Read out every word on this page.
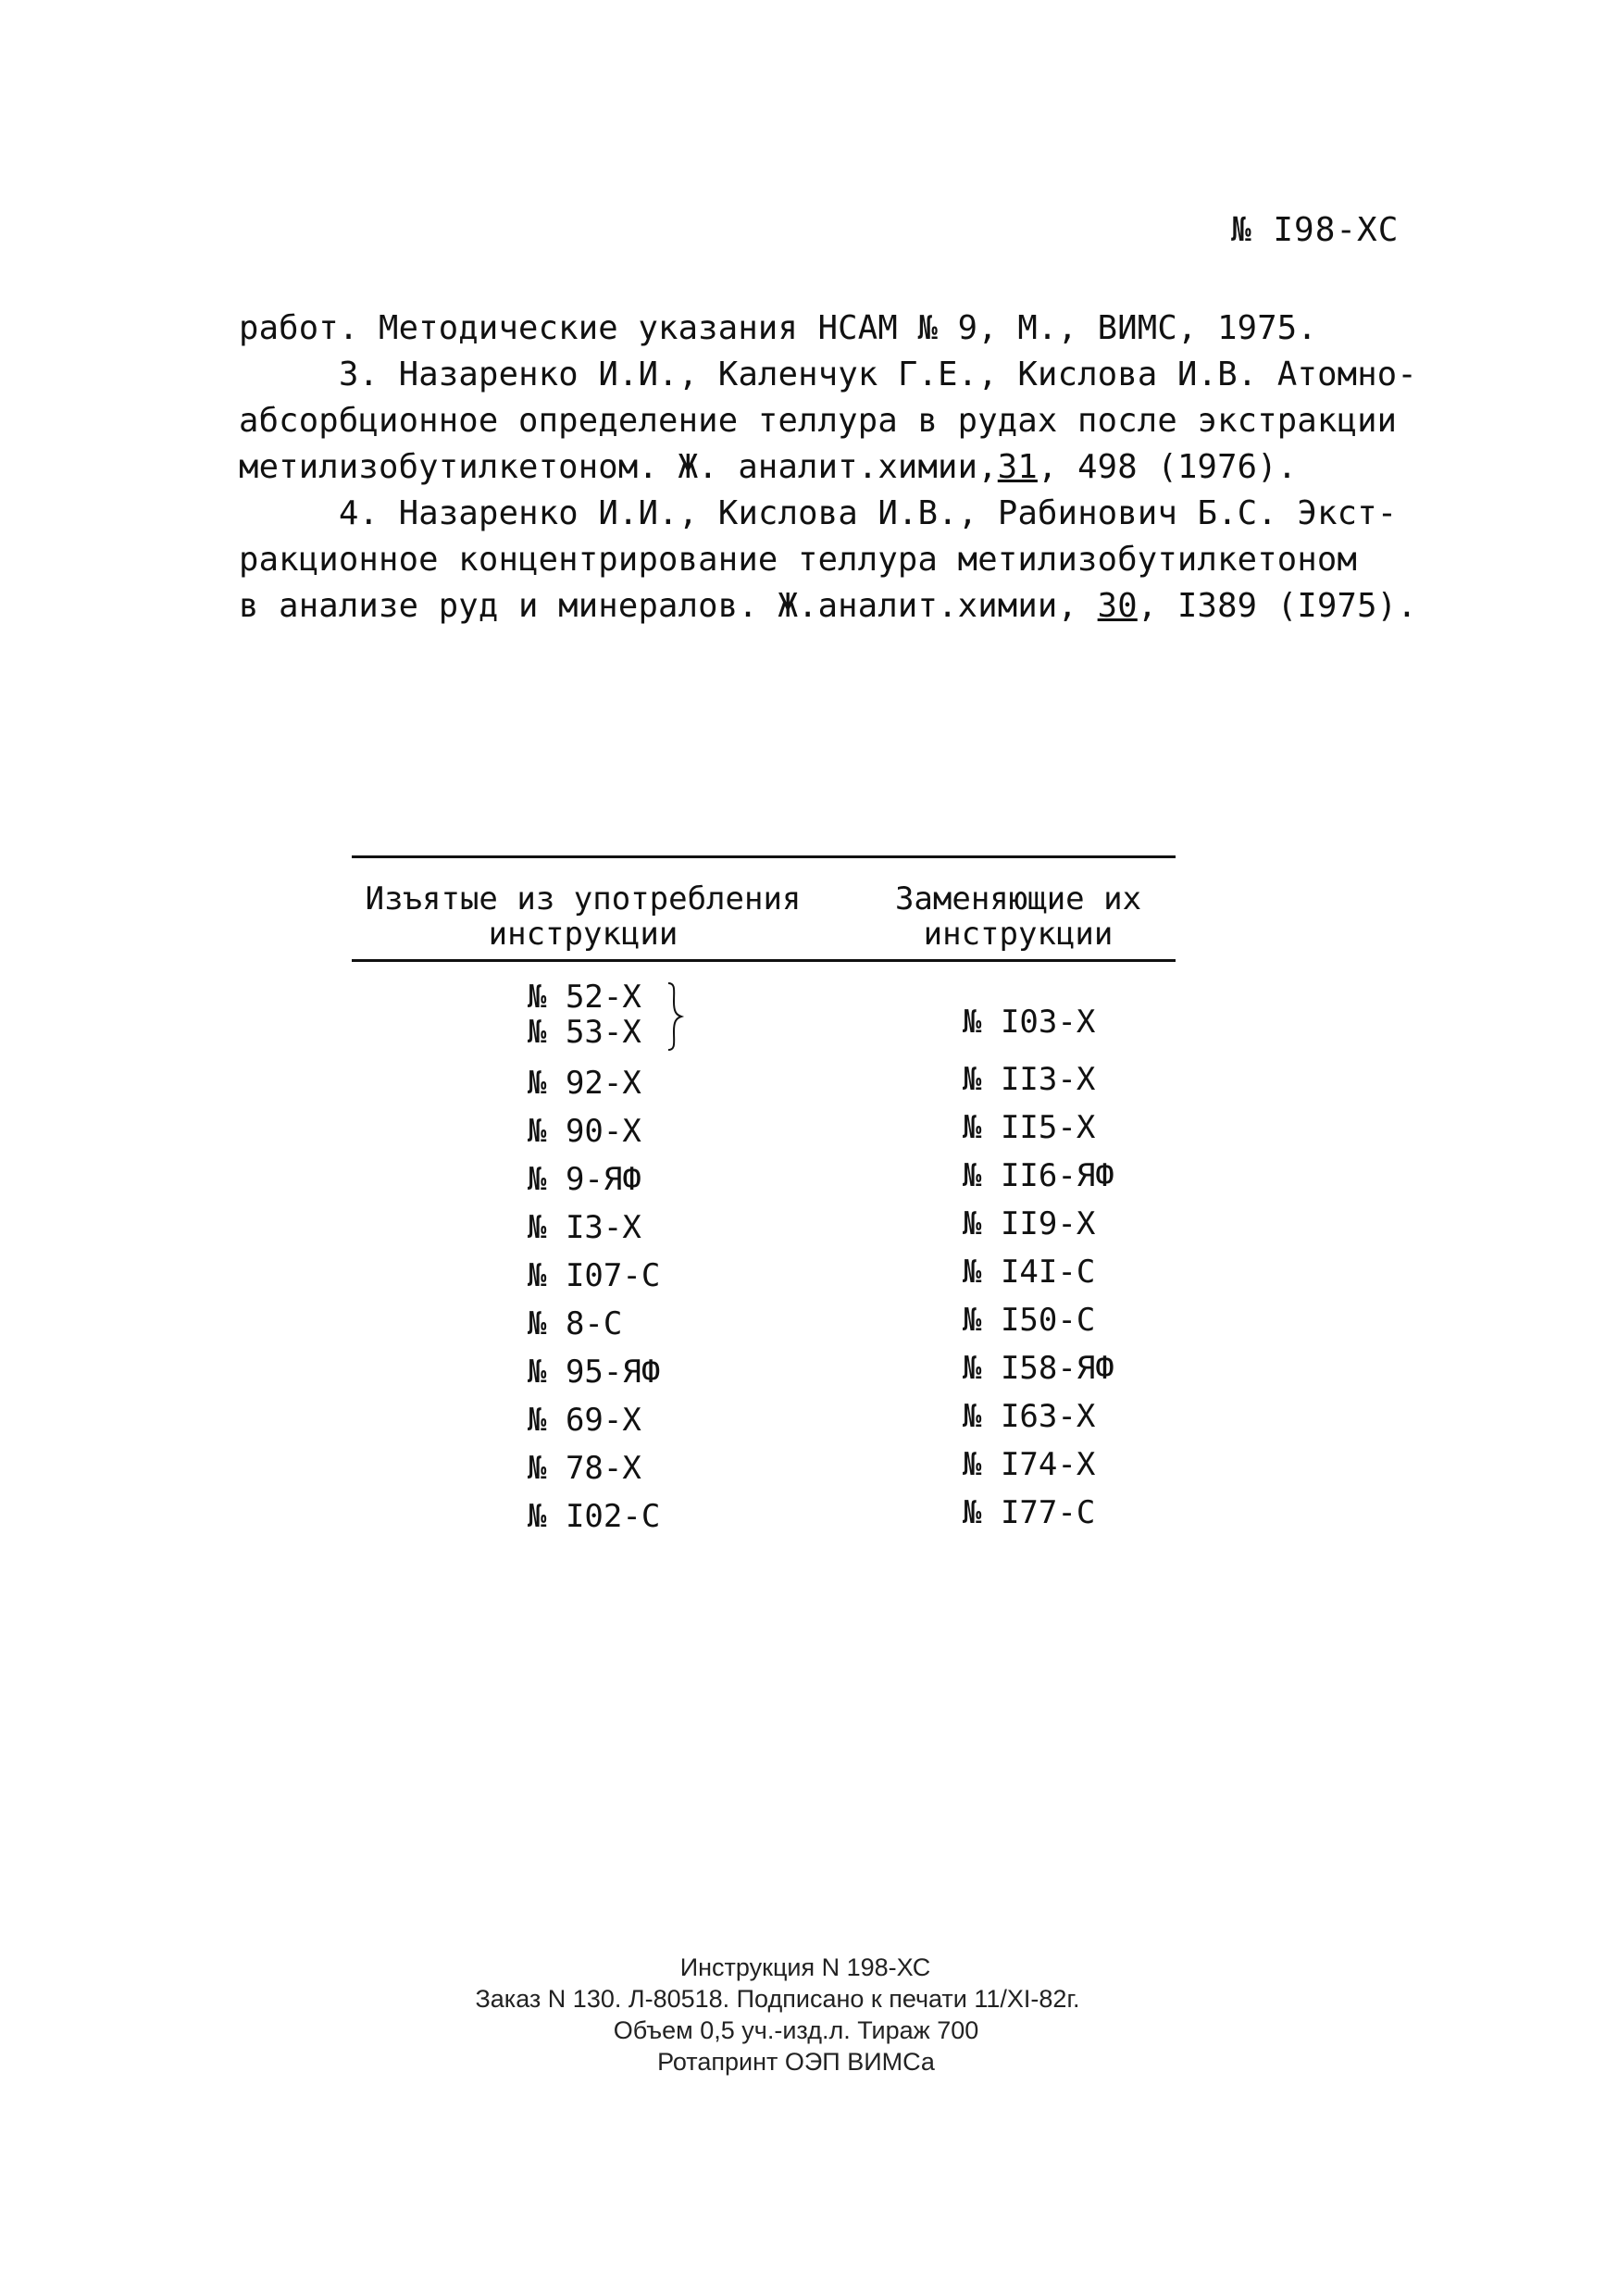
№ I98-ХС
работ. Методические указания НСАМ № 9, М., ВИМС, 1975.
3. Назаренко И.И., Каленчук Г.Е., Кислова И.В. Атомно-
абсорбционное определение теллура в рудах после экстракции
метилизобутилкетоном. Ж. аналит.химии,31, 498 (1976).
4. Назаренко И.И., Кислова И.В., Рабинович Б.С. Экст-
ракционное концентрирование теллура метилизобутилкетоном
в анализе руд и минералов. Ж.аналит.химии, 30, I389 (I975).
Изъятые из употребления
инструкции
Заменяющие их
инструкции
№ 52-Х
№ 53-Х
№ 92-Х
№ 90-Х
№ 9-ЯФ
№ I3-Х
№ I07-С
№ 8-С
№ 95-ЯФ
№ 69-Х
№ 78-Х
№ I02-С
№ I03-Х
№ II3-Х
№ II5-Х
№ II6-ЯФ
№ II9-Х
№ I4I-С
№ I50-С
№ I58-ЯФ
№ I63-Х
№ I74-Х
№ I77-С
Инструкция N 198-ХС
Заказ N 130. Л-80518. Подписано к печати 11/XI-82г.
Объем 0,5 уч.-изд.л. Тираж 700
Ротапринт ОЭП ВИМСа
